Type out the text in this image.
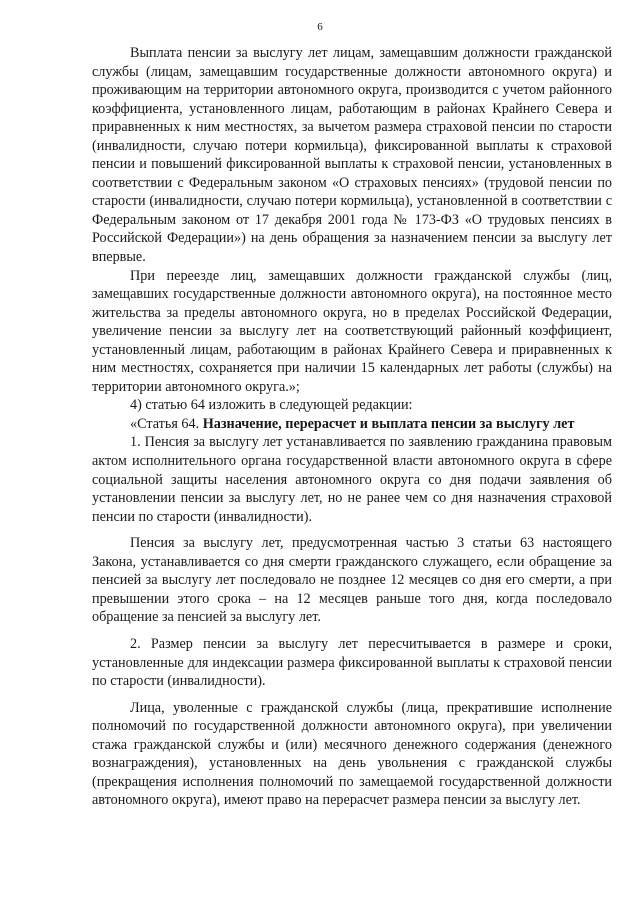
6

Выплата пенсии за выслугу лет лицам, замещавшим должности гражданской службы (лицам, замещавшим государственные должности автономного округа) и проживающим на территории автономного округа, производится с учетом районного коэффициента, установленного лицам, работающим в районах Крайнего Севера и приравненных к ним местностях, за вычетом размера страховой пенсии по старости (инвалидности, случаю потери кормильца), фиксированной выплаты к страховой пенсии и повышений фиксированной выплаты к страховой пенсии, установленных в соответствии с Федеральным законом «О страховых пенсиях» (трудовой пенсии по старости (инвалидности, случаю потери кормильца), установленной в соответствии с Федеральным законом от 17 декабря 2001 года № 173-ФЗ «О трудовых пенсиях в Российской Федерации») на день обращения за назначением пенсии за выслугу лет впервые.

При переезде лиц, замещавших должности гражданской службы (лиц, замещавших государственные должности автономного округа), на постоянное место жительства за пределы автономного округа, но в пределах Российской Федерации, увеличение пенсии за выслугу лет на соответствующий районный коэффициент, установленный лицам, работающим в районах Крайнего Севера и приравненных к ним местностях, сохраняется при наличии 15 календарных лет работы (службы) на территории автономного округа.»;

4) статью 64 изложить в следующей редакции:

«Статья 64. Назначение, перерасчет и выплата пенсии за выслугу лет

1. Пенсия за выслугу лет устанавливается по заявлению гражданина правовым актом исполнительного органа государственной власти автономного округа в сфере социальной защиты населения автономного округа со дня подачи заявления об установлении пенсии за выслугу лет, но не ранее чем со дня назначения страховой пенсии по старости (инвалидности).

Пенсия за выслугу лет, предусмотренная частью 3 статьи 63 настоящего Закона, устанавливается со дня смерти гражданского служащего, если обращение за пенсией за выслугу лет последовало не позднее 12 месяцев со дня его смерти, а при превышении этого срока – на 12 месяцев раньше того дня, когда последовало обращение за пенсией за выслугу лет.

2. Размер пенсии за выслугу лет пересчитывается в размере и сроки, установленные для индексации размера фиксированной выплаты к страховой пенсии по старости (инвалидности).

Лица, уволенные с гражданской службы (лица, прекратившие исполнение полномочий по государственной должности автономного округа), при увеличении стажа гражданской службы и (или) месячного денежного содержания (денежного вознаграждения), установленных на день увольнения с гражданской службы (прекращения исполнения полномочий по замещаемой государственной должности автономного округа), имеют право на перерасчет размера пенсии за выслугу лет.
